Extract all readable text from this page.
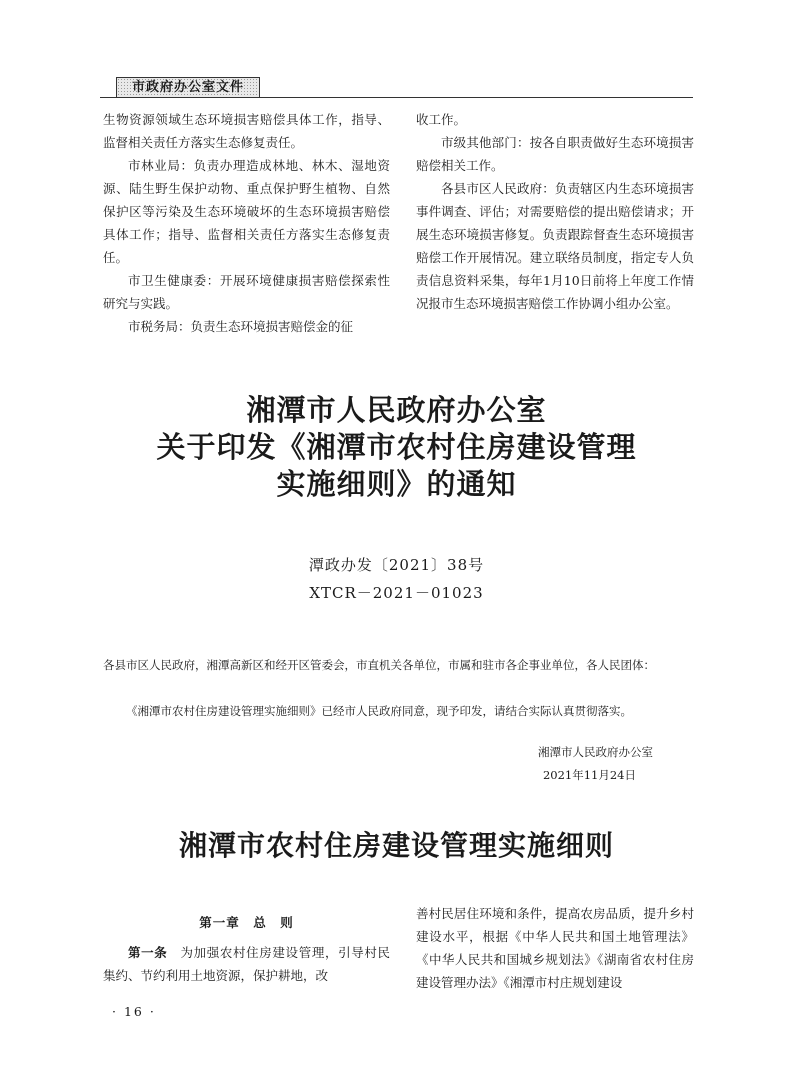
市政府办公室文件

生物资源领域生态环境损害赔偿具体工作，指导、监督相关责任方落实生态修复责任。

市林业局：负责办理造成林地、林木、湿地资源、陆生野生保护动物、重点保护野生植物、自然保护区等污染及生态环境破坏的生态环境损害赔偿具体工作；指导、监督相关责任方落实生态修复责任。

市卫生健康委：开展环境健康损害赔偿探索性研究与实践。

市税务局：负责生态环境损害赔偿金的征

收工作。

市级其他部门：按各自职责做好生态环境损害赔偿相关工作。

各县市区人民政府：负责辖区内生态环境损害事件调查、评估；对需要赔偿的提出赔偿请求；开展生态环境损害修复。负责跟踪督查生态环境损害赔偿工作开展情况。建立联络员制度，指定专人负责信息资料采集，每年1月10日前将上年度工作情况报市生态环境损害赔偿工作协调小组办公室。

湘潭市人民政府办公室
关于印发《湘潭市农村住房建设管理
实施细则》的通知
潭政办发〔2021〕38号
XTCR－2021－01023
各县市区人民政府，湘潭高新区和经开区管委会，市直机关各单位，市属和驻市各企事业单位，各人民团体：
《湘潭市农村住房建设管理实施细则》已经市人民政府同意，现予印发，请结合实际认真贯彻落实。
湘潭市人民政府办公室
2021年11月24日
湘潭市农村住房建设管理实施细则
第一章　总　则

第一条　为加强农村住房建设管理，引导村民集约、节约利用土地资源，保护耕地，改

善村民居住环境和条件，提高农房品质，提升乡村建设水平，根据《中华人民共和国土地管理法》《中华人民共和国城乡规划法》《湖南省农村住房建设管理办法》《湘潭市村庄规划建设

· 16 ·
